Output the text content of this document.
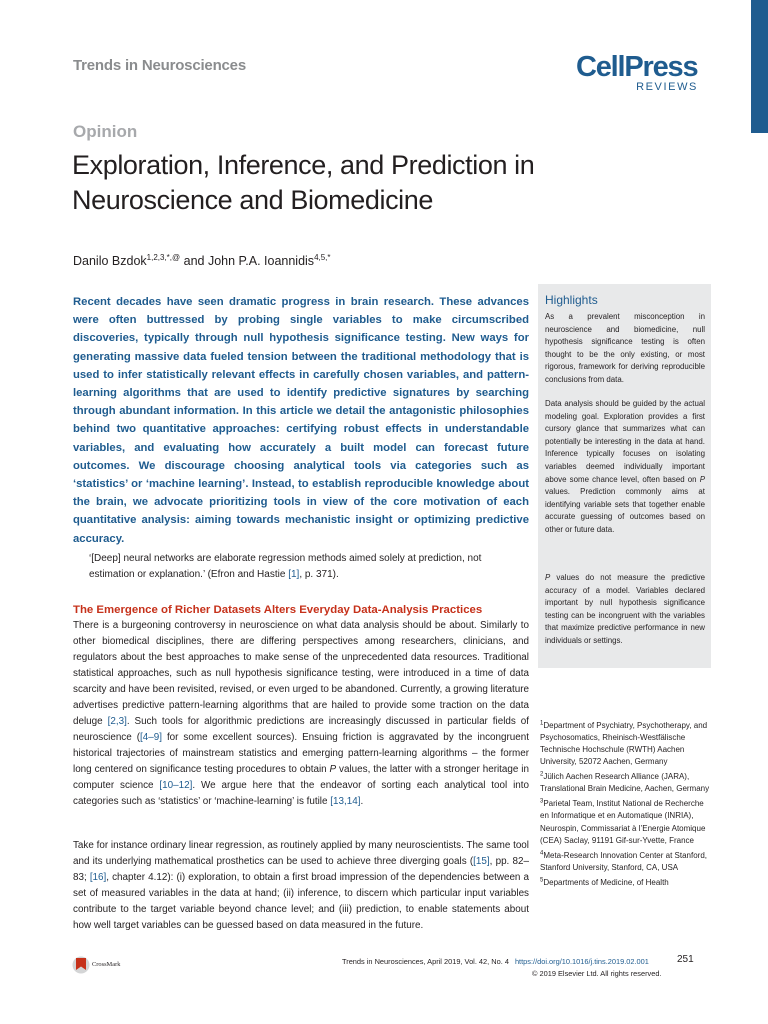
Trends in Neurosciences	CellPress
REVIEWS
Opinion
Exploration, Inference, and Prediction in Neuroscience and Biomedicine
Danilo Bzdok$^{1,2,3,*,@}$ and John P.A. Ioannidis$^{4,5,*}$

Recent decades have seen dramatic progress in brain research. These advances were often buttressed by probing single variables to make circumscribed discoveries, typically through null hypothesis significance testing. New ways for generating massive data fueled tension between the traditional methodology that is used to infer statistically relevant effects in carefully chosen variables, and pattern-learning algorithms that are used to identify predictive signatures by searching through abundant information. In this article we detail the antagonistic philosophies behind two quantitative approaches: certifying robust effects in understandable variables, and evaluating how accurately a built model can forecast future outcomes. We discourage choosing analytical tools via categories such as ‘statistics’ or ‘machine learning’. Instead, to establish reproducible knowledge about the brain, we advocate prioritizing tools in view of the core motivation of each quantitative analysis: aiming towards mechanistic insight or optimizing predictive accuracy.

‘[Deep] neural networks are elaborate regression methods aimed solely at prediction, not estimation or explanation.’ (Efron and Hastie [1], p. 371).

The Emergence of Richer Datasets Alters Everyday Data-Analysis Practices

There is a burgeoning controversy in neuroscience on what data analysis should be about. Similarly to other biomedical disciplines, there are differing perspectives among researchers, clinicians, and regulators about the best approaches to make sense of the unprecedented data resources. Traditional statistical approaches, such as null hypothesis significance testing, were introduced in a time of data scarcity and have been revisited, revised, or even urged to be abandoned. Currently, a growing literature advertises predictive pattern-learning algorithms that are hailed to provide some traction on the data deluge [2,3]. Such tools for algorithmic predictions are increasingly discussed in particular fields of neuroscience ([4–9] for some excellent sources). Ensuing friction is aggravated by the incongruent historical trajectories of mainstream statistics and emerging pattern-learning algorithms – the former long centered on significance testing procedures to obtain P values, the latter with a stronger heritage in computer science [10–12]. We argue here that the endeavor of sorting each analytical tool into categories such as ‘statistics’ or ‘machine-learning’ is futile [13,14].

Take for instance ordinary linear regression, as routinely applied by many neuroscientists. The same tool and its underlying mathematical prosthetics can be used to achieve three diverging goals ([15], pp. 82–83; [16], chapter 4.12): (i) exploration, to obtain a first broad impression of the dependencies between a set of measured variables in the data at hand; (ii) inference, to discern which particular input variables contribute to the target variable beyond chance level; and (iii) prediction, to enable statements about how well target variables can be guessed based on data measured in the future.

Highlights

As a prevalent misconception in neuroscience and biomedicine, null hypothesis significance testing is often thought to be the only existing, or most rigorous, framework for deriving reproducible conclusions from data.

Data analysis should be guided by the actual modeling goal. Exploration provides a first cursory glance that summarizes what can potentially be interesting in the data at hand. Inference typically focuses on isolating variables deemed individually important above some chance level, often based on P values. Prediction commonly aims at identifying variable sets that together enable accurate guessing of outcomes based on other or future data.

P values do not measure the predictive accuracy of a model. Variables declared important by null hypothesis significance testing can be incongruent with the variables that maximize predictive performance in new individuals or settings.

$^1$Department of Psychiatry, Psychotherapy, and Psychosomatics, Rheinisch-Westfälische Technische Hochschule (RWTH) Aachen University, 52072 Aachen, Germany
$^2$Jülich Aachen Research Alliance (JARA), Translational Brain Medicine, Aachen, Germany
$^3$Parietal Team, Institut National de Recherche en Informatique et en Automatique (INRIA), Neurospin, Commissariat à l’Energie Atomique (CEA) Saclay, 91191 Gif-sur-Yvette, France
$^4$Meta-Research Innovation Center at Stanford, Stanford University, Stanford, CA, USA
$^5$Departments of Medicine, of Health

CrossMark	Trends in Neurosciences, April 2019, Vol. 42, No. 4 https://doi.org/10.1016/j.tins.2019.02.001	251
© 2019 Elsevier Ltd. All rights reserved.
